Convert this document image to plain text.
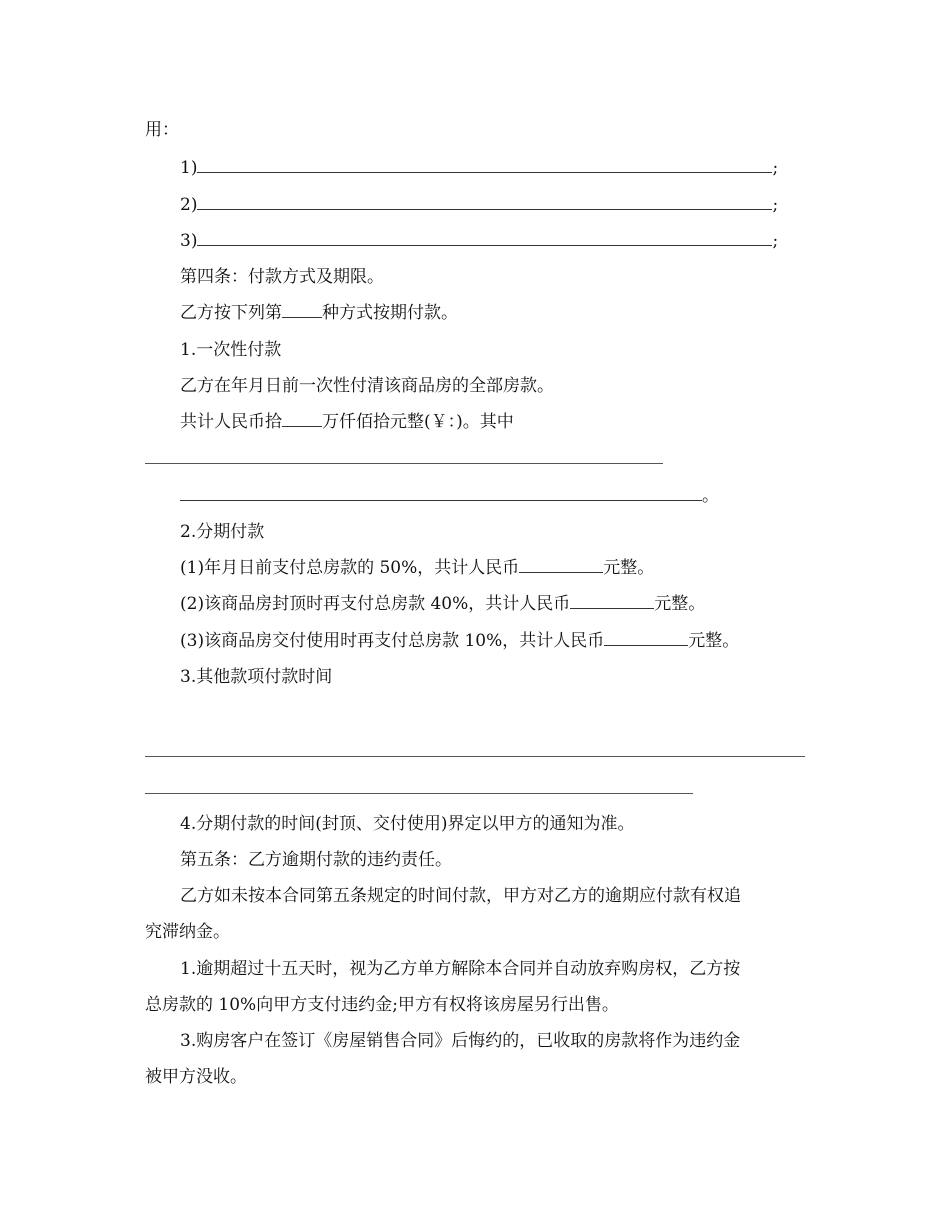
用：
1)	;
2)	;
3)	;
第四条：付款方式及期限。
乙方按下列第 种方式按期付款。
1.一次性付款
乙方在年月日前一次性付清该商品房的全部房款。
共计人民币拾 万仟佰拾元整(￥：)。其中
。
2.分期付款
(1)年月日前支付总房款的 50%，共计人民币	元整。
(2)该商品房封顶时再支付总房款 40%，共计人民币	元整。
(3)该商品房交付使用时再支付总房款 10%，共计人民币	元整。
3.其他款项付款时间
4.分期付款的时间(封顶、交付使用)界定以甲方的通知为准。
第五条：乙方逾期付款的违约责任。
乙方如未按本合同第五条规定的时间付款，甲方对乙方的逾期应付款有权追
究滞纳金。
1.逾期超过十五天时，视为乙方单方解除本合同并自动放弃购房权，乙方按
总房款的 10%向甲方支付违约金;甲方有权将该房屋另行出售。
3.购房客户在签订《房屋销售合同》后悔约的，已收取的房款将作为违约金
被甲方没收。
